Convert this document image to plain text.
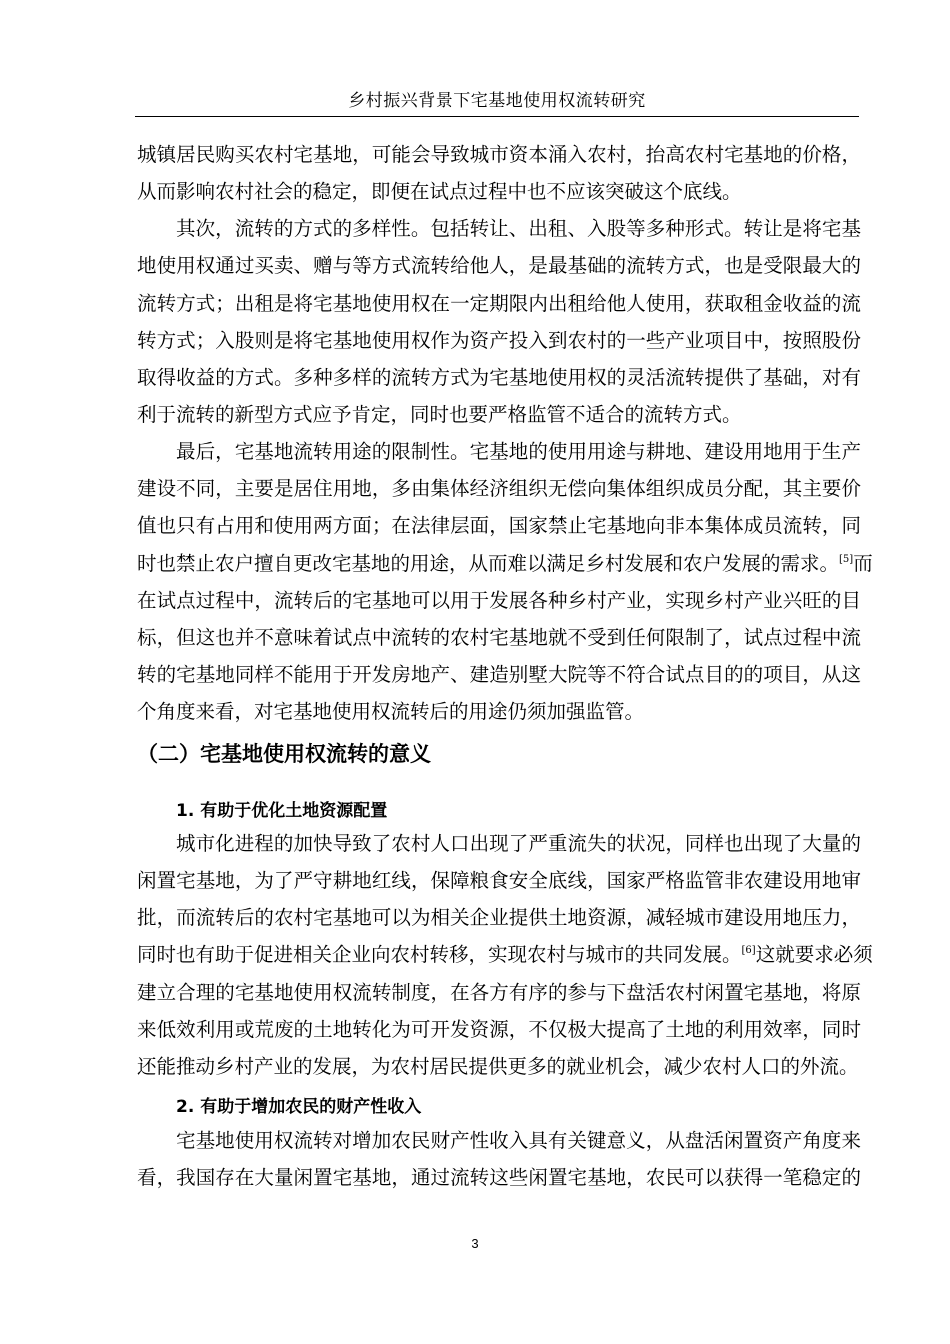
乡村振兴背景下宅基地使用权流转研究
城镇居民购买农村宅基地，可能会导致城市资本涌入农村，抬高农村宅基地的价格，
从而影响农村社会的稳定，即便在试点过程中也不应该突破这个底线。
其次，流转的方式的多样性。包括转让、出租、入股等多种形式。转让是将宅基
地使用权通过买卖、赠与等方式流转给他人，是最基础的流转方式，也是受限最大的
流转方式；出租是将宅基地使用权在一定期限内出租给他人使用，获取租金收益的流
转方式；入股则是将宅基地使用权作为资产投入到农村的一些产业项目中，按照股份
取得收益的方式。多种多样的流转方式为宅基地使用权的灵活流转提供了基础，对有
利于流转的新型方式应予肯定，同时也要严格监管不适合的流转方式。
最后，宅基地流转用途的限制性。宅基地的使用用途与耕地、建设用地用于生产
建设不同，主要是居住用地，多由集体经济组织无偿向集体组织成员分配，其主要价
值也只有占用和使用两方面；在法律层面，国家禁止宅基地向非本集体成员流转，同
时也禁止农户擅自更改宅基地的用途，从而难以满足乡村发展和农户发展的需求。[5]而
在试点过程中，流转后的宅基地可以用于发展各种乡村产业，实现乡村产业兴旺的目
标，但这也并不意味着试点中流转的农村宅基地就不受到任何限制了，试点过程中流
转的宅基地同样不能用于开发房地产、建造别墅大院等不符合试点目的的项目，从这
个角度来看，对宅基地使用权流转后的用途仍须加强监管。
（二）宅基地使用权流转的意义
1. 有助于优化土地资源配置
城市化进程的加快导致了农村人口出现了严重流失的状况，同样也出现了大量的
闲置宅基地，为了严守耕地红线，保障粮食安全底线，国家严格监管非农建设用地审
批，而流转后的农村宅基地可以为相关企业提供土地资源，减轻城市建设用地压力，
同时也有助于促进相关企业向农村转移，实现农村与城市的共同发展。[6]这就要求必须
建立合理的宅基地使用权流转制度，在各方有序的参与下盘活农村闲置宅基地，将原
来低效利用或荒废的土地转化为可开发资源，不仅极大提高了土地的利用效率，同时
还能推动乡村产业的发展，为农村居民提供更多的就业机会，减少农村人口的外流。
2. 有助于增加农民的财产性收入
宅基地使用权流转对增加农民财产性收入具有关键意义，从盘活闲置资产角度来
看，我国存在大量闲置宅基地，通过流转这些闲置宅基地，农民可以获得一笔稳定的
3
